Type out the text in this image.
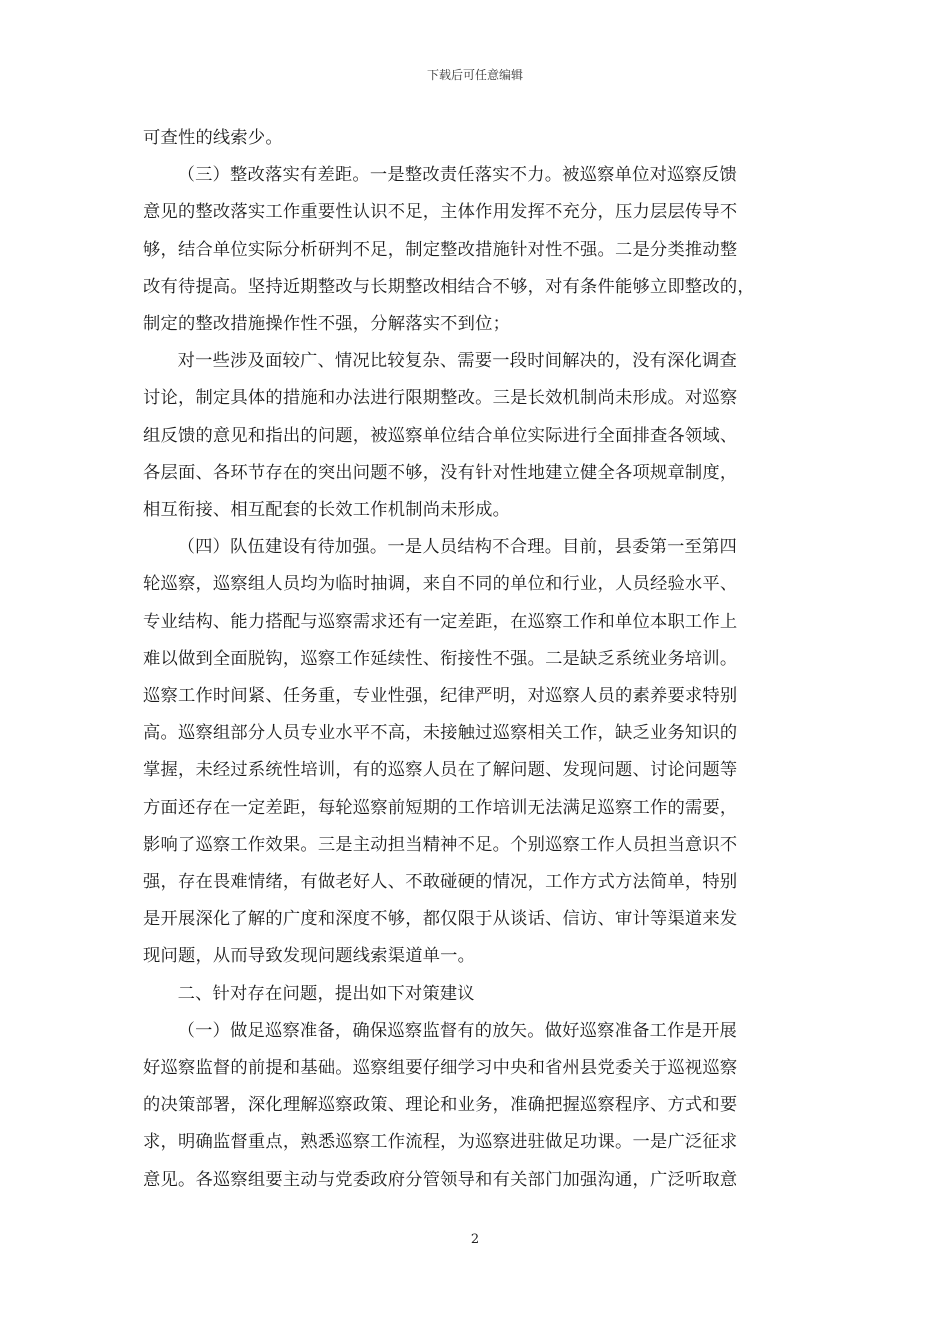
下载后可任意编辑
可查性的线索少。
（三）整改落实有差距。一是整改责任落实不力。被巡察单位对巡察反馈
意见的整改落实工作重要性认识不足，主体作用发挥不充分，压力层层传导不
够，结合单位实际分析研判不足，制定整改措施针对性不强。二是分类推动整
改有待提高。坚持近期整改与长期整改相结合不够，对有条件能够立即整改的，
制定的整改措施操作性不强，分解落实不到位；
对一些涉及面较广、情况比较复杂、需要一段时间解决的，没有深化调查
讨论，制定具体的措施和办法进行限期整改。三是长效机制尚未形成。对巡察
组反馈的意见和指出的问题，被巡察单位结合单位实际进行全面排查各领域、
各层面、各环节存在的突出问题不够，没有针对性地建立健全各项规章制度，
相互衔接、相互配套的长效工作机制尚未形成。
（四）队伍建设有待加强。一是人员结构不合理。目前，县委第一至第四
轮巡察，巡察组人员均为临时抽调，来自不同的单位和行业，人员经验水平、
专业结构、能力搭配与巡察需求还有一定差距，在巡察工作和单位本职工作上
难以做到全面脱钩，巡察工作延续性、衔接性不强。二是缺乏系统业务培训。
巡察工作时间紧、任务重，专业性强，纪律严明，对巡察人员的素养要求特别
高。巡察组部分人员专业水平不高，未接触过巡察相关工作，缺乏业务知识的
掌握，未经过系统性培训，有的巡察人员在了解问题、发现问题、讨论问题等
方面还存在一定差距，每轮巡察前短期的工作培训无法满足巡察工作的需要，
影响了巡察工作效果。三是主动担当精神不足。个别巡察工作人员担当意识不
强，存在畏难情绪，有做老好人、不敢碰硬的情况，工作方式方法简单，特别
是开展深化了解的广度和深度不够，都仅限于从谈话、信访、审计等渠道来发
现问题，从而导致发现问题线索渠道单一。
二、针对存在问题，提出如下对策建议
（一）做足巡察准备，确保巡察监督有的放矢。做好巡察准备工作是开展
好巡察监督的前提和基础。巡察组要仔细学习中央和省州县党委关于巡视巡察
的决策部署，深化理解巡察政策、理论和业务，准确把握巡察程序、方式和要
求，明确监督重点，熟悉巡察工作流程，为巡察进驻做足功课。一是广泛征求
意见。各巡察组要主动与党委政府分管领导和有关部门加强沟通，广泛听取意
2
